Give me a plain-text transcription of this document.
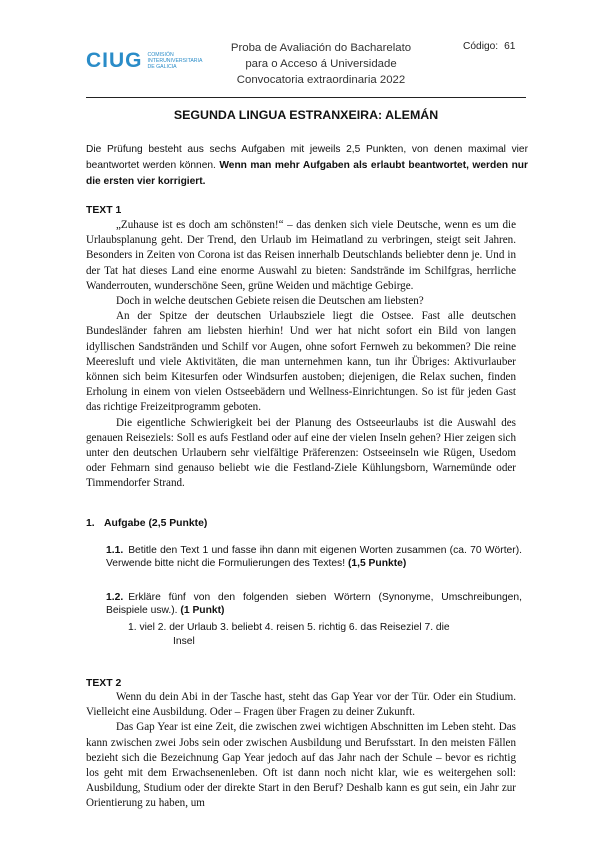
CIUG COMISIÓN
INTERUNIVERSITARIA
DE GALICIA
Proba de Avaliación do Bacharelato
para o Acceso á Universidade
Convocatoria extraordinaria 2022
Código: 61
SEGUNDA LINGUA ESTRANXEIRA: ALEMÁN
Die Prüfung besteht aus sechs Aufgaben mit jeweils 2,5 Punkten, von denen maximal vier beantwortet werden können. Wenn man mehr Aufgaben als erlaubt beantwortet, werden nur die ersten vier korrigiert.
TEXT 1

„Zuhause ist es doch am schönsten!“ – das denken sich viele Deutsche, wenn es um die Urlaubsplanung geht. Der Trend, den Urlaub im Heimatland zu verbringen, steigt seit Jahren. Besonders in Zeiten von Corona ist das Reisen innerhalb Deutschlands beliebter denn je. Und in der Tat hat dieses Land eine enorme Auswahl zu bieten: Sandstrände im Schilfgras, herrliche Wanderrouten, wunderschöne Seen, grüne Weiden und mächtige Gebirge.

Doch in welche deutschen Gebiete reisen die Deutschen am liebsten?

An der Spitze der deutschen Urlaubsziele liegt die Ostsee. Fast alle deutschen Bundesländer fahren am liebsten hierhin! Und wer hat nicht sofort ein Bild von langen idyllischen Sandstränden und Schilf vor Augen, ohne sofort Fernweh zu bekommen? Die reine Meeresluft und viele Aktivitäten, die man unternehmen kann, tun ihr Übriges: Aktivurlauber können sich beim Kitesurfen oder Windsurfen austoben; diejenigen, die Relax suchen, finden Erholung in einem von vielen Ostseebädern und Wellness-Einrichtungen. So ist für jeden Gast das richtige Freizeitprogramm geboten.

Die eigentliche Schwierigkeit bei der Planung des Ostseeurlaubs ist die Auswahl des genauen Reiseziels: Soll es aufs Festland oder auf eine der vielen Inseln gehen? Hier zeigen sich unter den deutschen Urlaubern sehr vielfältige Präferenzen: Ostseeinseln wie Rügen, Usedom oder Fehmarn sind genauso beliebt wie die Festland-Ziele Kühlungsborn, Warnemünde oder Timmendorfer Strand.

1. Aufgabe (2,5 Punkte)
1.1. Betitle den Text 1 und fasse ihn dann mit eigenen Worten zusammen (ca. 70 Wörter). Verwende bitte nicht die Formulierungen des Textes! (1,5 Punkte)
1.2. Erkläre fünf von den folgenden sieben Wörtern (Synonyme, Umschreibungen, Beispiele usw.). (1 Punkt)
1. viel 2. der Urlaub 3. beliebt 4. reisen 5. richtig 6. das Reiseziel 7. die
Insel
TEXT 2

Wenn du dein Abi in der Tasche hast, steht das Gap Year vor der Tür. Oder ein Studium. Vielleicht eine Ausbildung. Oder – Fragen über Fragen zu deiner Zukunft.

Das Gap Year ist eine Zeit, die zwischen zwei wichtigen Abschnitten im Leben steht. Das kann zwischen zwei Jobs sein oder zwischen Ausbildung und Berufsstart. In den meisten Fällen bezieht sich die Bezeichnung Gap Year jedoch auf das Jahr nach der Schule – bevor es richtig los geht mit dem Erwachsenenleben. Oft ist dann noch nicht klar, wie es weitergehen soll: Ausbildung, Studium oder der direkte Start in den Beruf? Deshalb kann es gut sein, ein Jahr zur Orientierung zu haben, um
